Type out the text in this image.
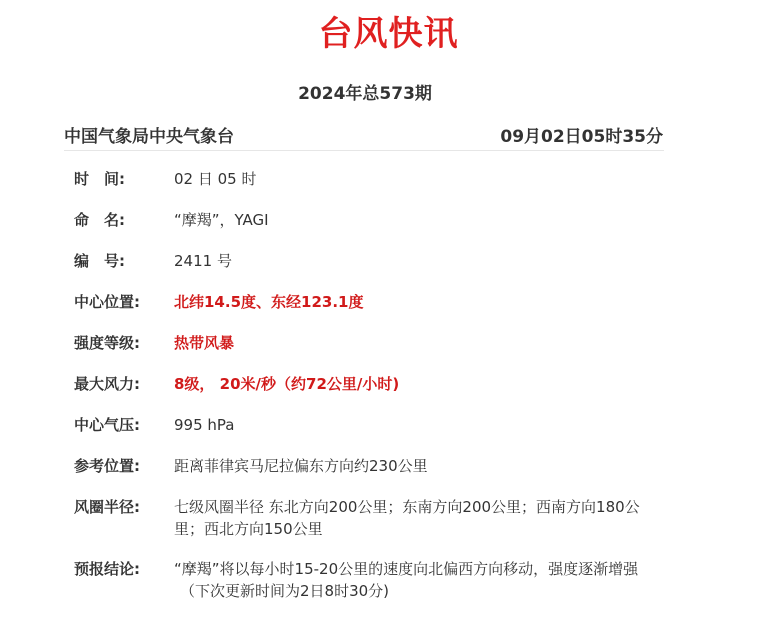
台风快讯
2024年总573期
中国气象局中央气象台	09月02日05时35分
时　间:	02 日 05 时
命　名:	“摩羯”，YAGI
编　号:	2411 号
中心位置:	北纬14.5度、东经123.1度
强度等级:	热带风暴
最大风力:	8级， 20米/秒（约72公里/小时)
中心气压:	995 hPa
参考位置:	距离菲律宾马尼拉偏东方向约230公里
风圈半径:	七级风圈半径 东北方向200公里；东南方向200公里；西南方向180公里；西北方向150公里
预报结论:	“摩羯”将以每小时15-20公里的速度向北偏西方向移动，强度逐渐增强
（下次更新时间为2日8时30分)
